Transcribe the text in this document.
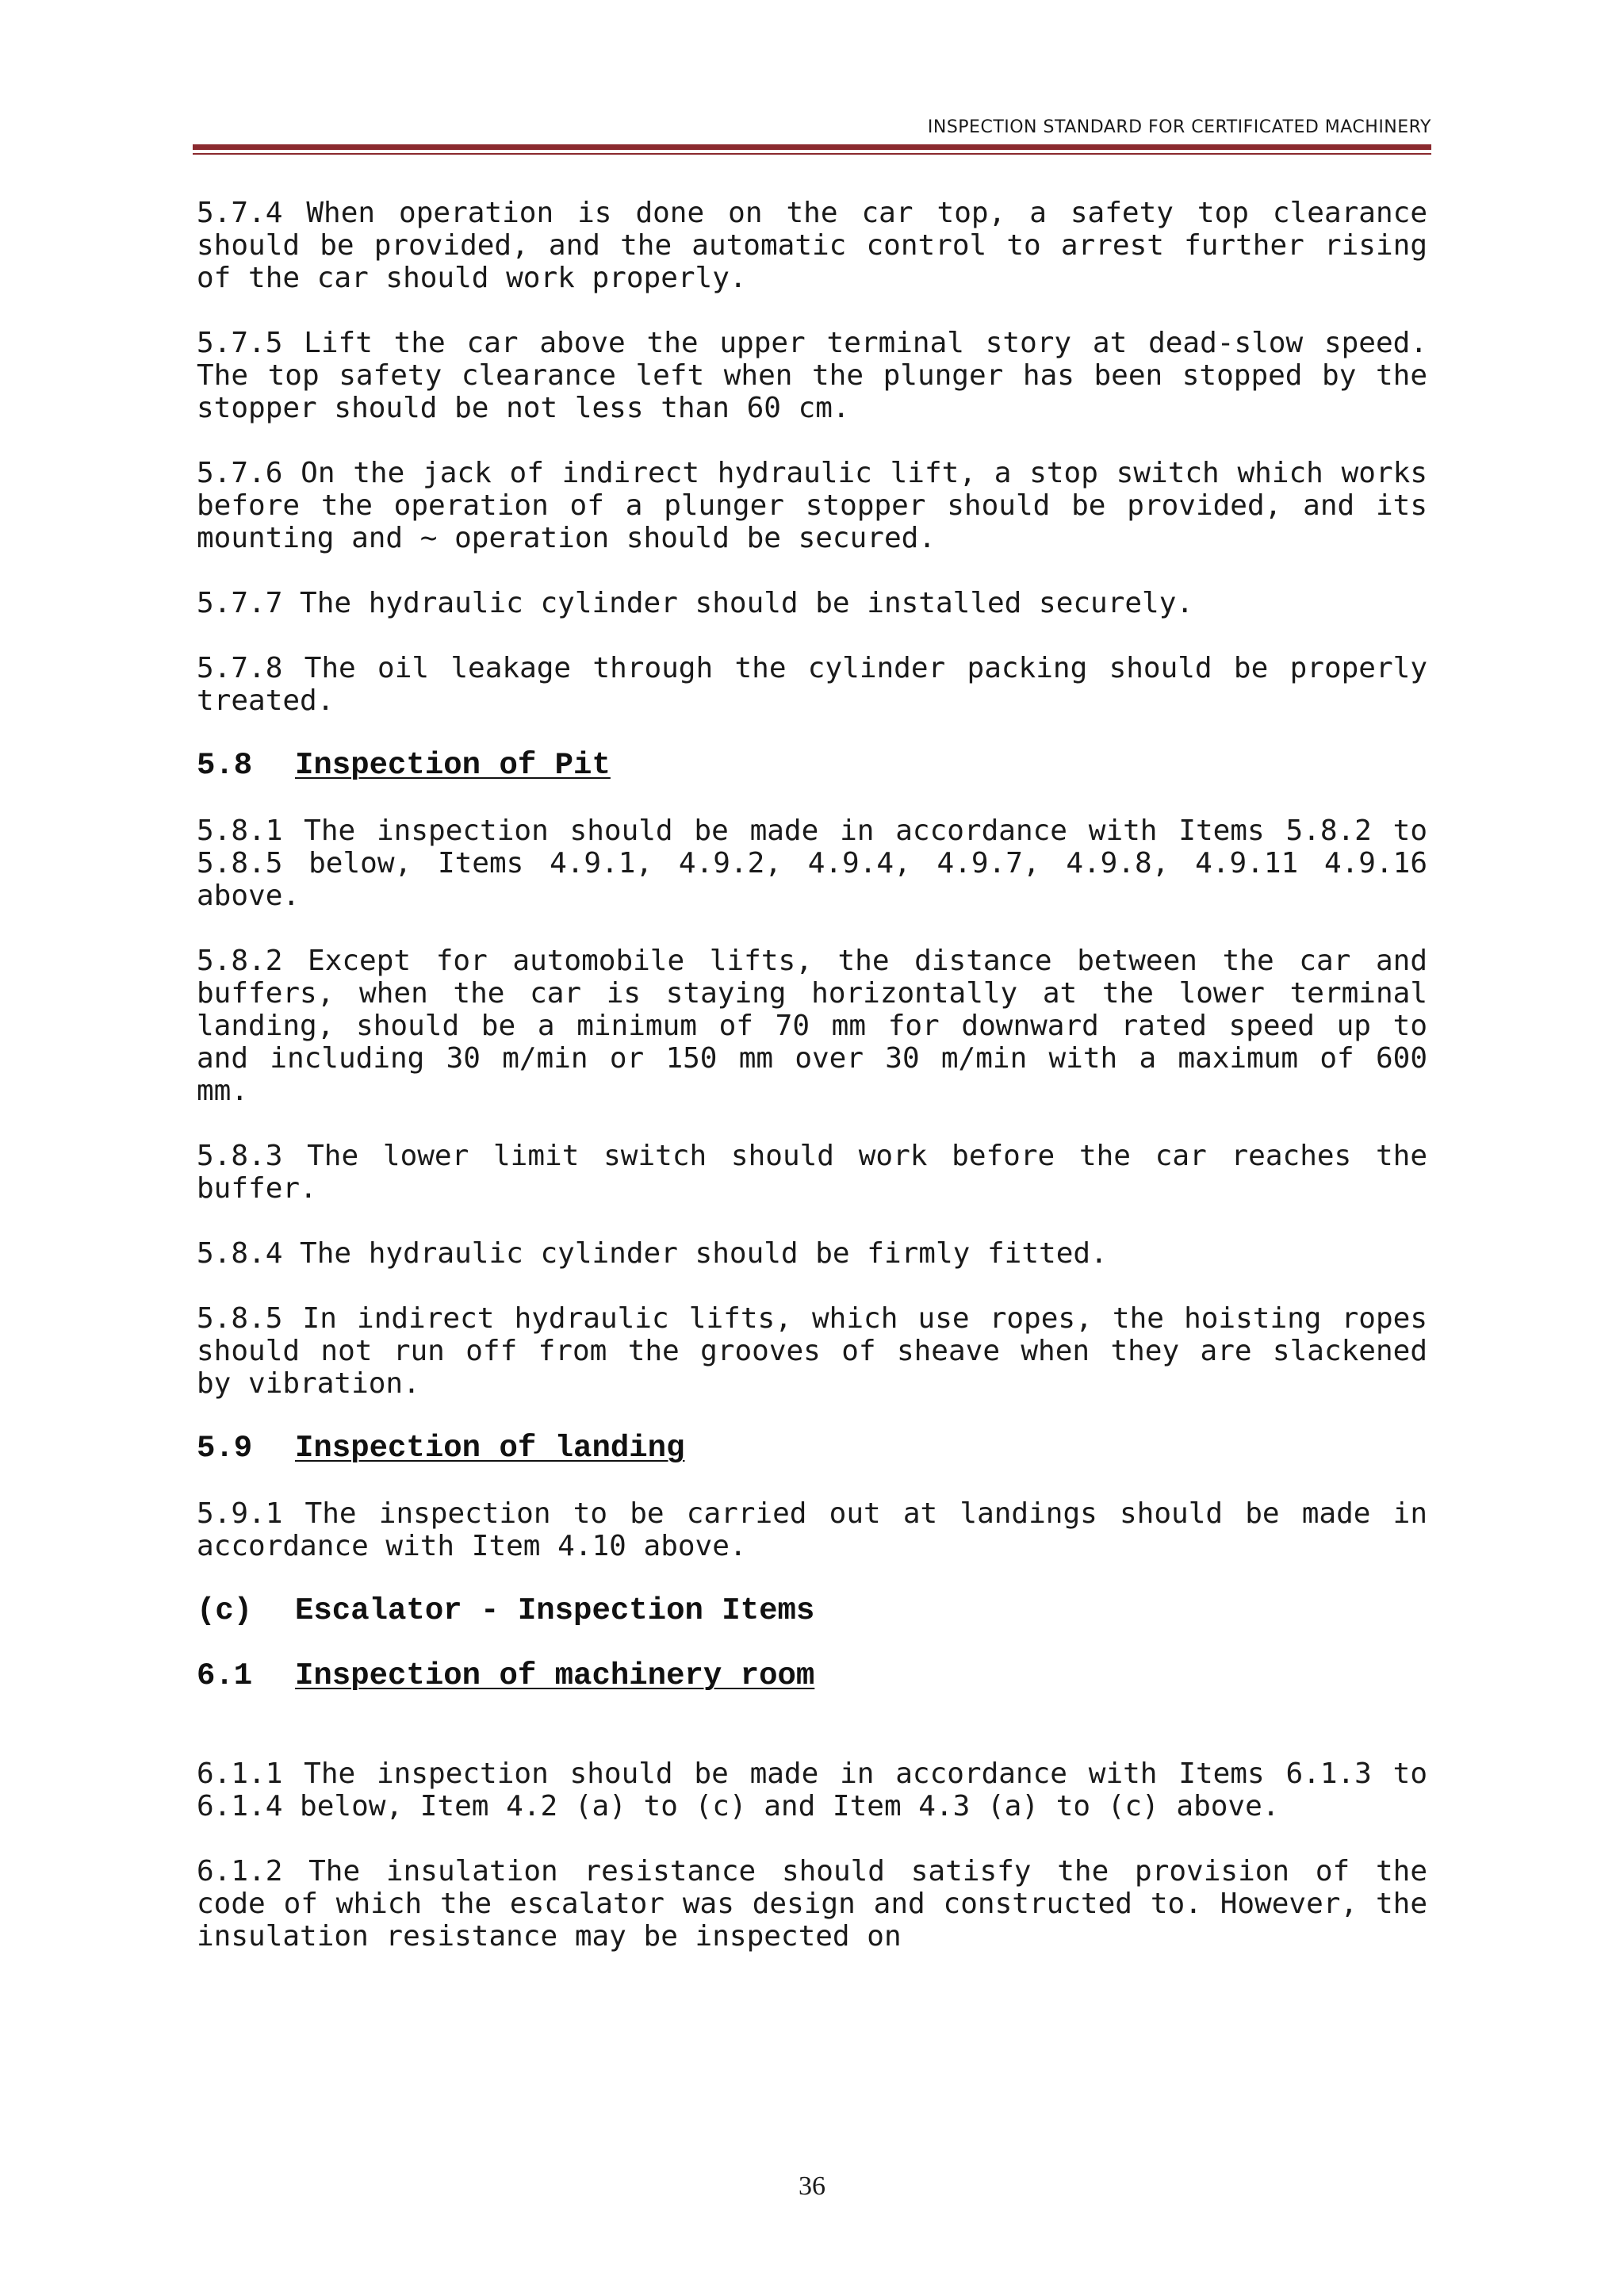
INSPECTION STANDARD FOR CERTIFICATED MACHINERY

5.7.4 When operation is done on the car top, a safety top clearance should be provided, and the automatic control to arrest further rising of the car should work properly.

5.7.5 Lift the car above the upper terminal story at dead-slow speed. The top safety clearance left when the plunger has been stopped by the stopper should be not less than 60 cm.

5.7.6 On the jack of indirect hydraulic lift, a stop switch which works before the operation of a plunger stopper should be provided, and its mounting and ~ operation should be secured.

5.7.7 The hydraulic cylinder should be installed securely.

5.7.8 The oil leakage through the cylinder packing should be properly treated.

5.8 Inspection of Pit

5.8.1 The inspection should be made in accordance with Items 5.8.2 to 5.8.5 below, Items 4.9.1, 4.9.2, 4.9.4, 4.9.7, 4.9.8, 4.9.11 4.9.16 above.

5.8.2 Except for automobile lifts, the distance between the car and buffers, when the car is staying horizontally at the lower terminal landing, should be a minimum of 70 mm for downward rated speed up to and including 30 m/min or 150 mm over 30 m/min with a maximum of 600 mm.

5.8.3 The lower limit switch should work before the car reaches the buffer.

5.8.4 The hydraulic cylinder should be firmly fitted.

5.8.5 In indirect hydraulic lifts, which use ropes, the hoisting ropes should not run off from the grooves of sheave when they are slackened by vibration.

5.9 Inspection of landing

5.9.1 The inspection to be carried out at landings should be made in accordance with Item 4.10 above.

(c) Escalator - Inspection Items
6.1 Inspection of machinery room

6.1.1 The inspection should be made in accordance with Items 6.1.3 to 6.1.4 below, Item 4.2 (a) to (c) and Item 4.3 (a) to (c) above.

6.1.2 The insulation resistance should satisfy the provision of the code of which the escalator was design and constructed to. However, the insulation resistance may be inspected on

36
